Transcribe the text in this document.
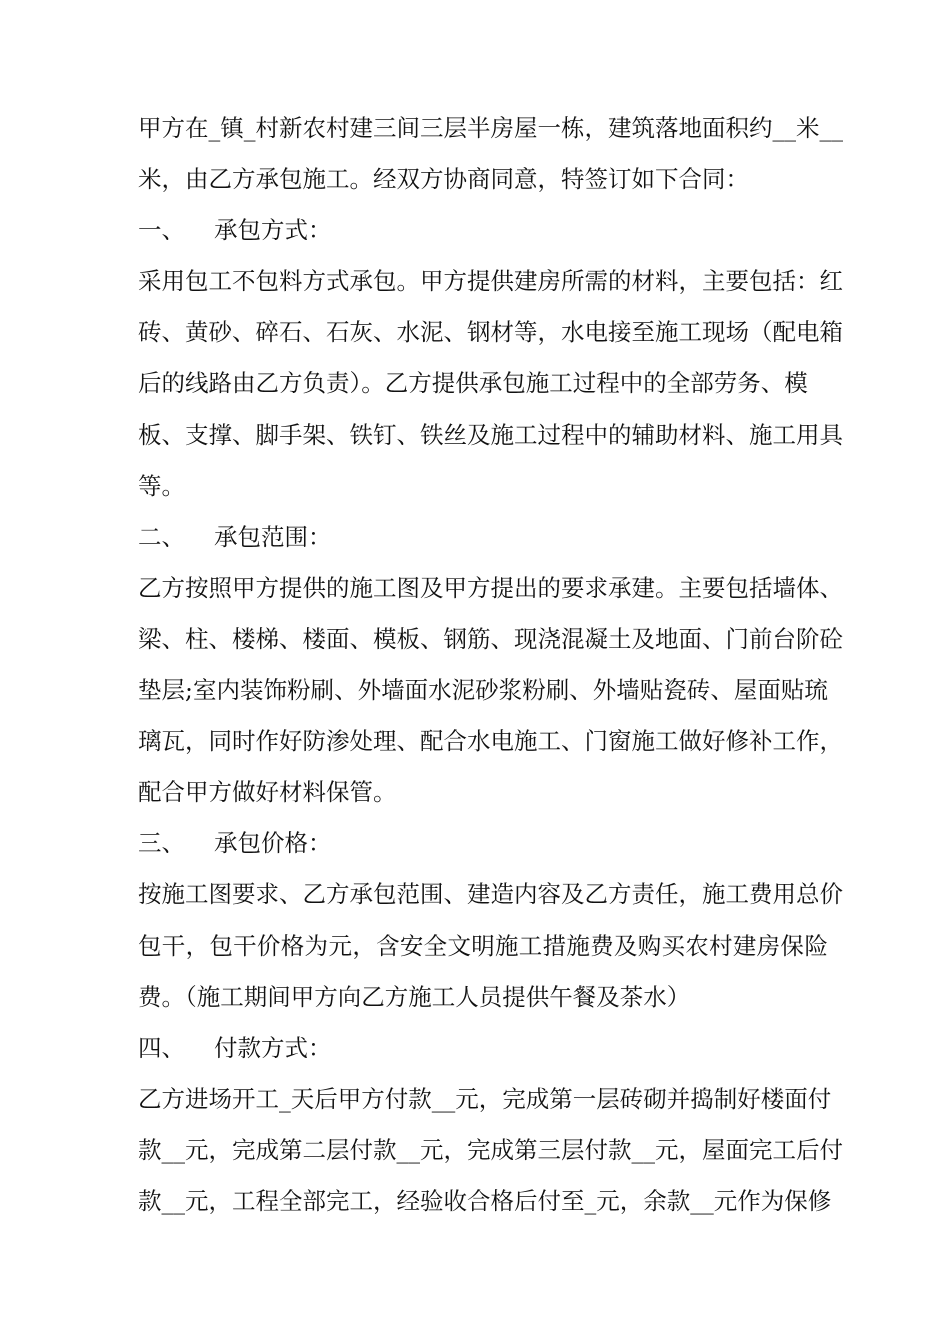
甲 方 在 _ 镇 _ 村 新 农 村 建 三 间 三 层 半 房 屋 一 栋 ， 建 筑 落 地 面 积 约 _ _ 米 _ _
米，由乙方承包施工。经双方协商同意，特签订如下合同：
一、 承包方式：
采 用 包 工 不 包 料 方 式 承 包 。 甲 方 提 供 建 房 所 需 的 材 料 ， 主 要 包 括 ： 红
砖 、 黄 砂 、 碎 石 、 石 灰 、 水 泥 、 钢 材 等 ， 水 电 接 至 施 工 现 场 （ 配 电 箱
后的线路由乙方负责）。乙方提供承包施工过程中的全部劳务、模
板 、 支 撑 、 脚 手 架 、 铁 钉 、 铁 丝 及 施 工 过 程 中 的 辅 助 材 料 、 施 工 用 具
等。
二、 承包范围：
乙 方 按 照 甲 方 提 供 的 施 工 图 及 甲 方 提 出 的 要 求 承 建 。 主 要 包 括 墙 体 、
梁 、 柱 、 楼 梯 、 楼 面 、 模 板 、 钢 筋 、 现 浇 混 凝 土 及 地 面 、 门 前 台 阶 砼
垫 层 ; 室 内 装 饰 粉 刷 、 外 墙 面 水 泥 砂 浆 粉 刷 、 外 墙 贴 瓷 砖 、 屋 面 贴 琉
璃 瓦 ， 同 时 作 好 防 渗 处 理 、 配 合 水 电 施 工 、 门 窗 施 工 做 好 修 补 工 作 ，
配合甲方做好材料保管。
三、 承包价格：
按 施 工 图 要 求 、 乙 方 承 包 范 围 、 建 造 内 容 及 乙 方 责 任 ， 施 工 费 用 总 价
包 干 ， 包 干 价 格 为 元 ， 含 安 全 文 明 施 工 措 施 费 及 购 买 农 村 建 房 保 险
费。（施工期间甲方向乙方施工人员提供午餐及茶水）
四、 付款方式：
乙 方 进 场 开 工 _ 天 后 甲 方 付 款 _ _ 元 ， 完 成 第 一 层 砖 砌 并 捣 制 好 楼 面 付
款 _ _ 元 ， 完 成 第 二 层 付 款 _ _ 元 ， 完 成 第 三 层 付 款 _ _ 元 ， 屋 面 完 工 后 付
款 _ _ 元 ， 工 程 全 部 完 工 ， 经 验 收 合 格 后 付 至 _ 元 ， 余 款 _ _ 元 作 为 保 修
